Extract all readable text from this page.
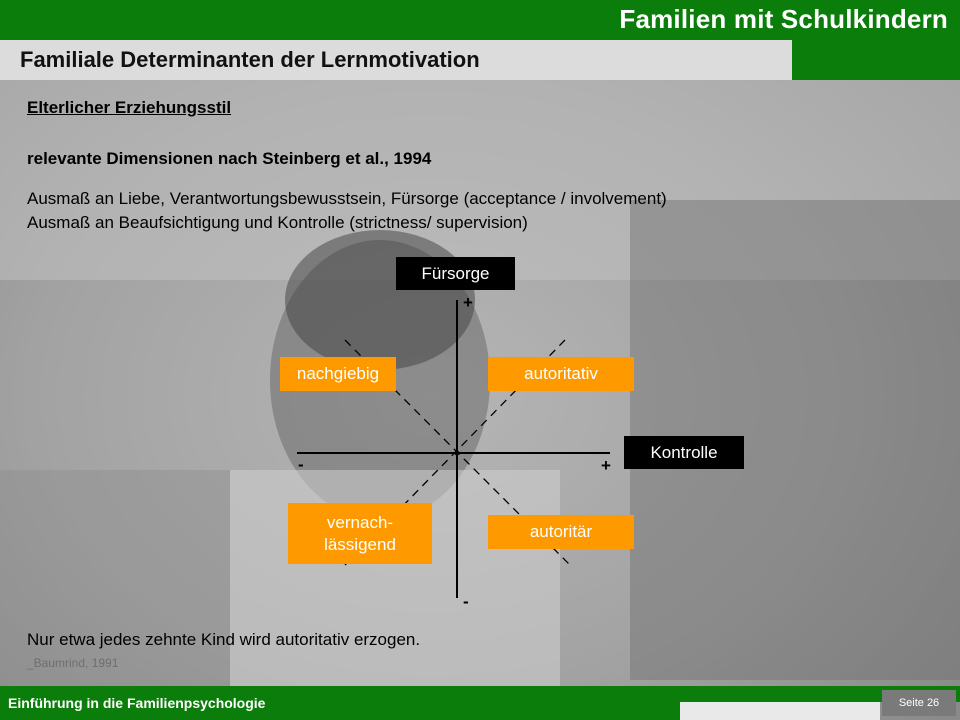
Familien mit Schulkindern
Familiale Determinanten der Lernmotivation
Elterlicher Erziehungsstil
relevante Dimensionen nach Steinberg et al., 1994
Ausmaß an Liebe, Verantwortungsbewusstsein, Fürsorge (acceptance / involvement)
Ausmaß an Beaufsichtigung und Kontrolle (strictness/ supervision)
Fürsorge
Kontrolle
+
-
-	+
nachgiebig	autoritativ
vernach-
lässigend
autoritär
Nur etwa jedes zehnte Kind wird autoritativ erzogen.
_Baumrind, 1991
Einführung in die Familienpsychologie	Seite 26
